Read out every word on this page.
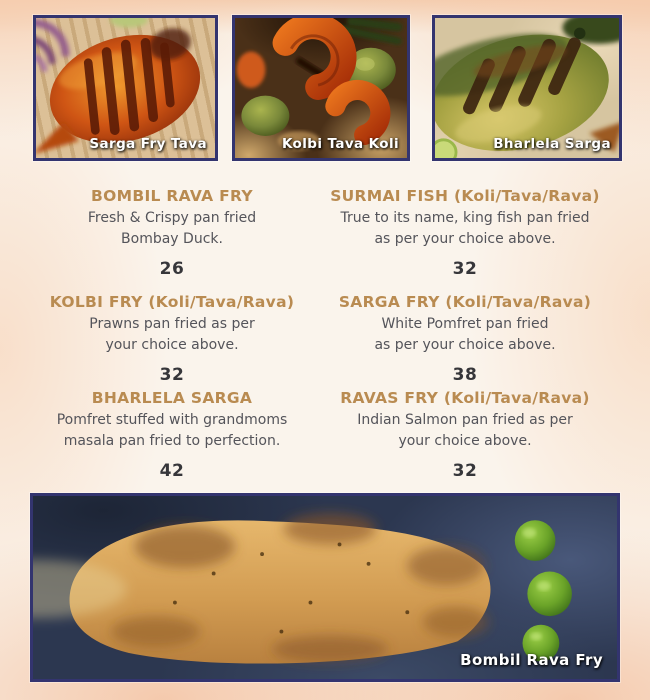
Sarga Fry Tava	Kolbi Tava Koli	Bharlela Sarga
BOMBIL RAVA FRY
Fresh & Crispy pan fried
Bombay Duck.
26
SURMAI FISH (Koli/Tava/Rava)
True to its name, king fish pan fried
as per your choice above.
32
KOLBI FRY (Koli/Tava/Rava)
Prawns pan fried as per
your choice above.
32
SARGA FRY (Koli/Tava/Rava)
White Pomfret pan fried
as per your choice above.
38
BHARLELA SARGA
Pomfret stuffed with grandmoms
masala pan fried to perfection.
42
RAVAS FRY (Koli/Tava/Rava)
Indian Salmon pan fried as per
your choice above.
32
Bombil Rava Fry
